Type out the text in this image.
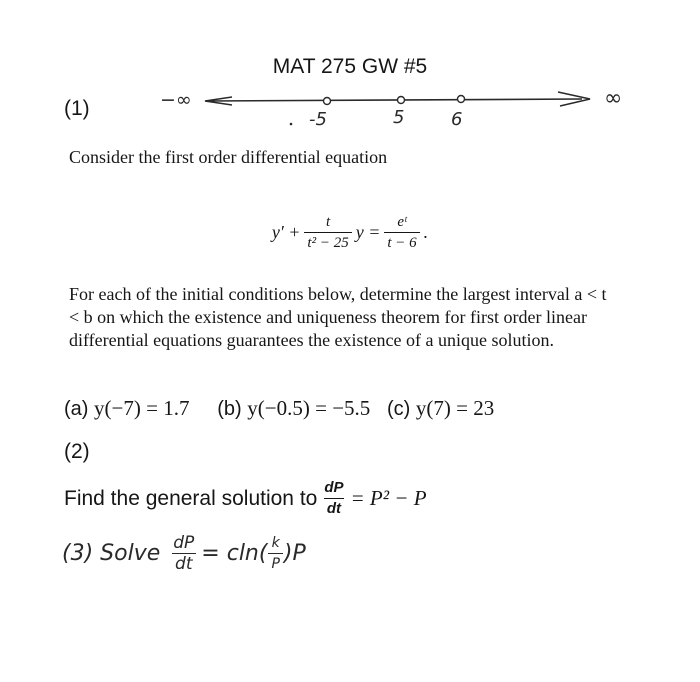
MAT 275 GW #5
(1)	−∞	∞
-5	5	6
Consider the first order differential equation
$y' + \frac{t}{\text{t² − 25}}$ $y = \frac{\text{eᵗ}}{t - 6}$ .
For each of the initial conditions below, determine the largest interval a < t < b on which the existence and uniqueness theorem for first order linear differential equations guarantees the existence of a unique solution.
(a) y(−7) = 1.7 (b) y(−0.5) = −5.5 (c) y(7) = 23
(2)
Find the general solution to $\frac{dP}{dt} = P^2 - P$
(3) Solve $\frac{dP}{dt} = cln( \frac{k}{P} )P$
